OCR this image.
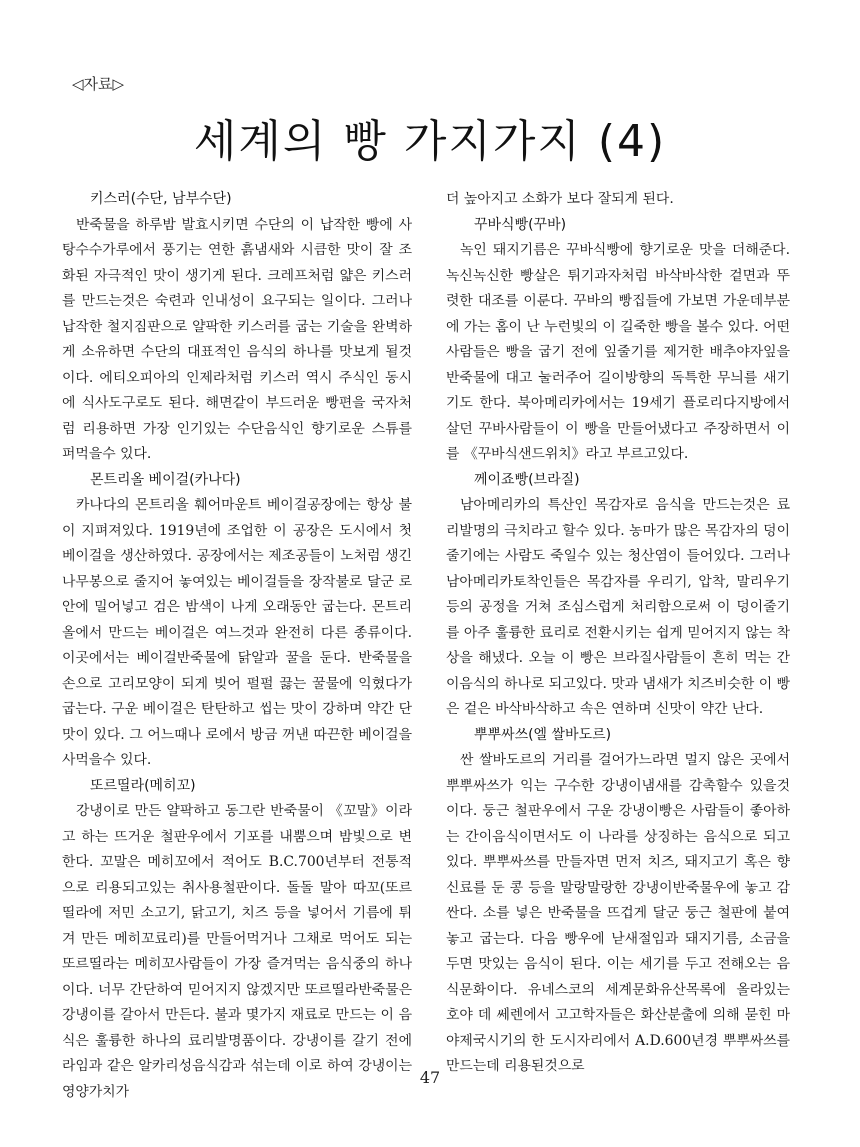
◁자료▷
세계의 빵 가지가지 (4)

키스러(수단, 남부수단)

반죽물을 하루밤 발효시키면 수단의 이 납작한 빵에 사탕수수가루에서 풍기는 연한 흙냄새와 시큼한 맛이 잘 조화된 자극적인 맛이 생기게 된다. 크레프처럼 얇은 키스러를 만드는것은 숙련과 인내성이 요구되는 일이다. 그러나 납작한 철지짐판으로 얄팍한 키스러를 굽는 기술을 완벽하게 소유하면 수단의 대표적인 음식의 하나를 맛보게 될것이다. 에티오피아의 인제라처럼 키스러 역시 주식인 동시에 식사도구로도 된다. 해면같이 부드러운 빵편을 국자처럼 리용하면 가장 인기있는 수단음식인 향기로운 스튜를 퍼먹을수 있다.

몬트리올 베이걸(카나다)

카나다의 몬트리올 훼어마운트 베이걸공장에는 항상 불이 지펴져있다. 1919년에 조업한 이 공장은 도시에서 첫 베이걸을 생산하였다. 공장에서는 제조공들이 노처럼 생긴 나무봉으로 줄지어 놓여있는 베이걸들을 장작불로 달군 로안에 밀어넣고 검은 밤색이 나게 오래동안 굽는다. 몬트리올에서 만드는 베이걸은 여느것과 완전히 다른 종류이다. 이곳에서는 베이걸반죽물에 닭알과 꿀을 둔다. 반죽물을 손으로 고리모양이 되게 빚어 펄펄 끓는 꿀물에 익혔다가 굽는다. 구운 베이걸은 탄탄하고 씹는 맛이 강하며 약간 단맛이 있다. 그 어느때나 로에서 방금 꺼낸 따끈한 베이걸을 사먹을수 있다.

또르띨라(메히꼬)

강냉이로 만든 얄팍하고 동그란 반죽물이 《꼬말》이라고 하는 뜨거운 철판우에서 기포를 내뿜으며 밤빛으로 변한다. 꼬말은 메히꼬에서 적어도 B.C.700년부터 전통적으로 리용되고있는 취사용철판이다. 돌돌 말아 따꼬(또르띨라에 저민 소고기, 닭고기, 치즈 등을 넣어서 기름에 튀겨 만든 메히꼬료리)를 만들어먹거나 그채로 먹어도 되는 또르띨라는 메히꼬사람들이 가장 즐겨먹는 음식중의 하나이다. 너무 간단하여 믿어지지 않겠지만 또르띨라반죽물은 강냉이를 갈아서 만든다. 불과 몇가지 재료로 만드는 이 음식은 훌륭한 하나의 료리발명품이다. 강냉이를 갈기 전에 라임과 같은 알카리성음식감과 섞는데 이로 하여 강냉이는 영양가치가

더 높아지고 소화가 보다 잘되게 된다.

꾸바식빵(꾸바)

녹인 돼지기름은 꾸바식빵에 향기로운 맛을 더해준다. 녹신녹신한 빵살은 튀기과자처럼 바삭바삭한 겉면과 뚜렷한 대조를 이룬다. 꾸바의 빵집들에 가보면 가운데부분에 가는 홈이 난 누런빛의 이 길죽한 빵을 볼수 있다. 어떤 사람들은 빵을 굽기 전에 잎줄기를 제거한 배추야자잎을 반죽물에 대고 눌러주어 길이방향의 독특한 무늬를 새기기도 한다. 북아메리카에서는 19세기 플로리다지방에서 살던 꾸바사람들이 이 빵을 만들어냈다고 주장하면서 이를 《꾸바식샌드위치》라고 부르고있다.

께이죠빵(브라질)

남아메리카의 특산인 목감자로 음식을 만드는것은 료리발명의 극치라고 할수 있다. 농마가 많은 목감자의 덩이줄기에는 사람도 죽일수 있는 청산염이 들어있다. 그러나 남아메리카토착인들은 목감자를 우리기, 압착, 말리우기 등의 공정을 거쳐 조심스럽게 처리함으로써 이 덩이줄기를 아주 훌륭한 료리로 전환시키는 쉽게 믿어지지 않는 착상을 해냈다. 오늘 이 빵은 브라질사람들이 흔히 먹는 간이음식의 하나로 되고있다. 맛과 냄새가 치즈비슷한 이 빵은 겉은 바삭바삭하고 속은 연하며 신맛이 약간 난다.

뿌뿌싸쓰(엘 쌀바도르)

싼 쌀바도르의 거리를 걸어가느라면 멀지 않은 곳에서 뿌뿌싸쓰가 익는 구수한 강냉이냄새를 감촉할수 있을것이다. 둥근 철판우에서 구운 강냉이빵은 사람들이 좋아하는 간이음식이면서도 이 나라를 상징하는 음식으로 되고있다. 뿌뿌싸쓰를 만들자면 먼저 치즈, 돼지고기 혹은 향신료를 둔 콩 등을 말랑말랑한 강냉이반죽물우에 놓고 감싼다. 소를 넣은 반죽물을 뜨겁게 달군 둥근 철판에 붙여놓고 굽는다. 다음 빵우에 낟새절임과 돼지기름, 소금을 두면 맛있는 음식이 된다. 이는 세기를 두고 전해오는 음식문화이다. 유네스코의 세계문화유산목록에 올라있는 호야 데 쎄렌에서 고고학자들은 화산분출에 의해 묻힌 마야제국시기의 한 도시자리에서 A.D.600년경 뿌뿌싸쓰를 만드는데 리용된것으로

47
